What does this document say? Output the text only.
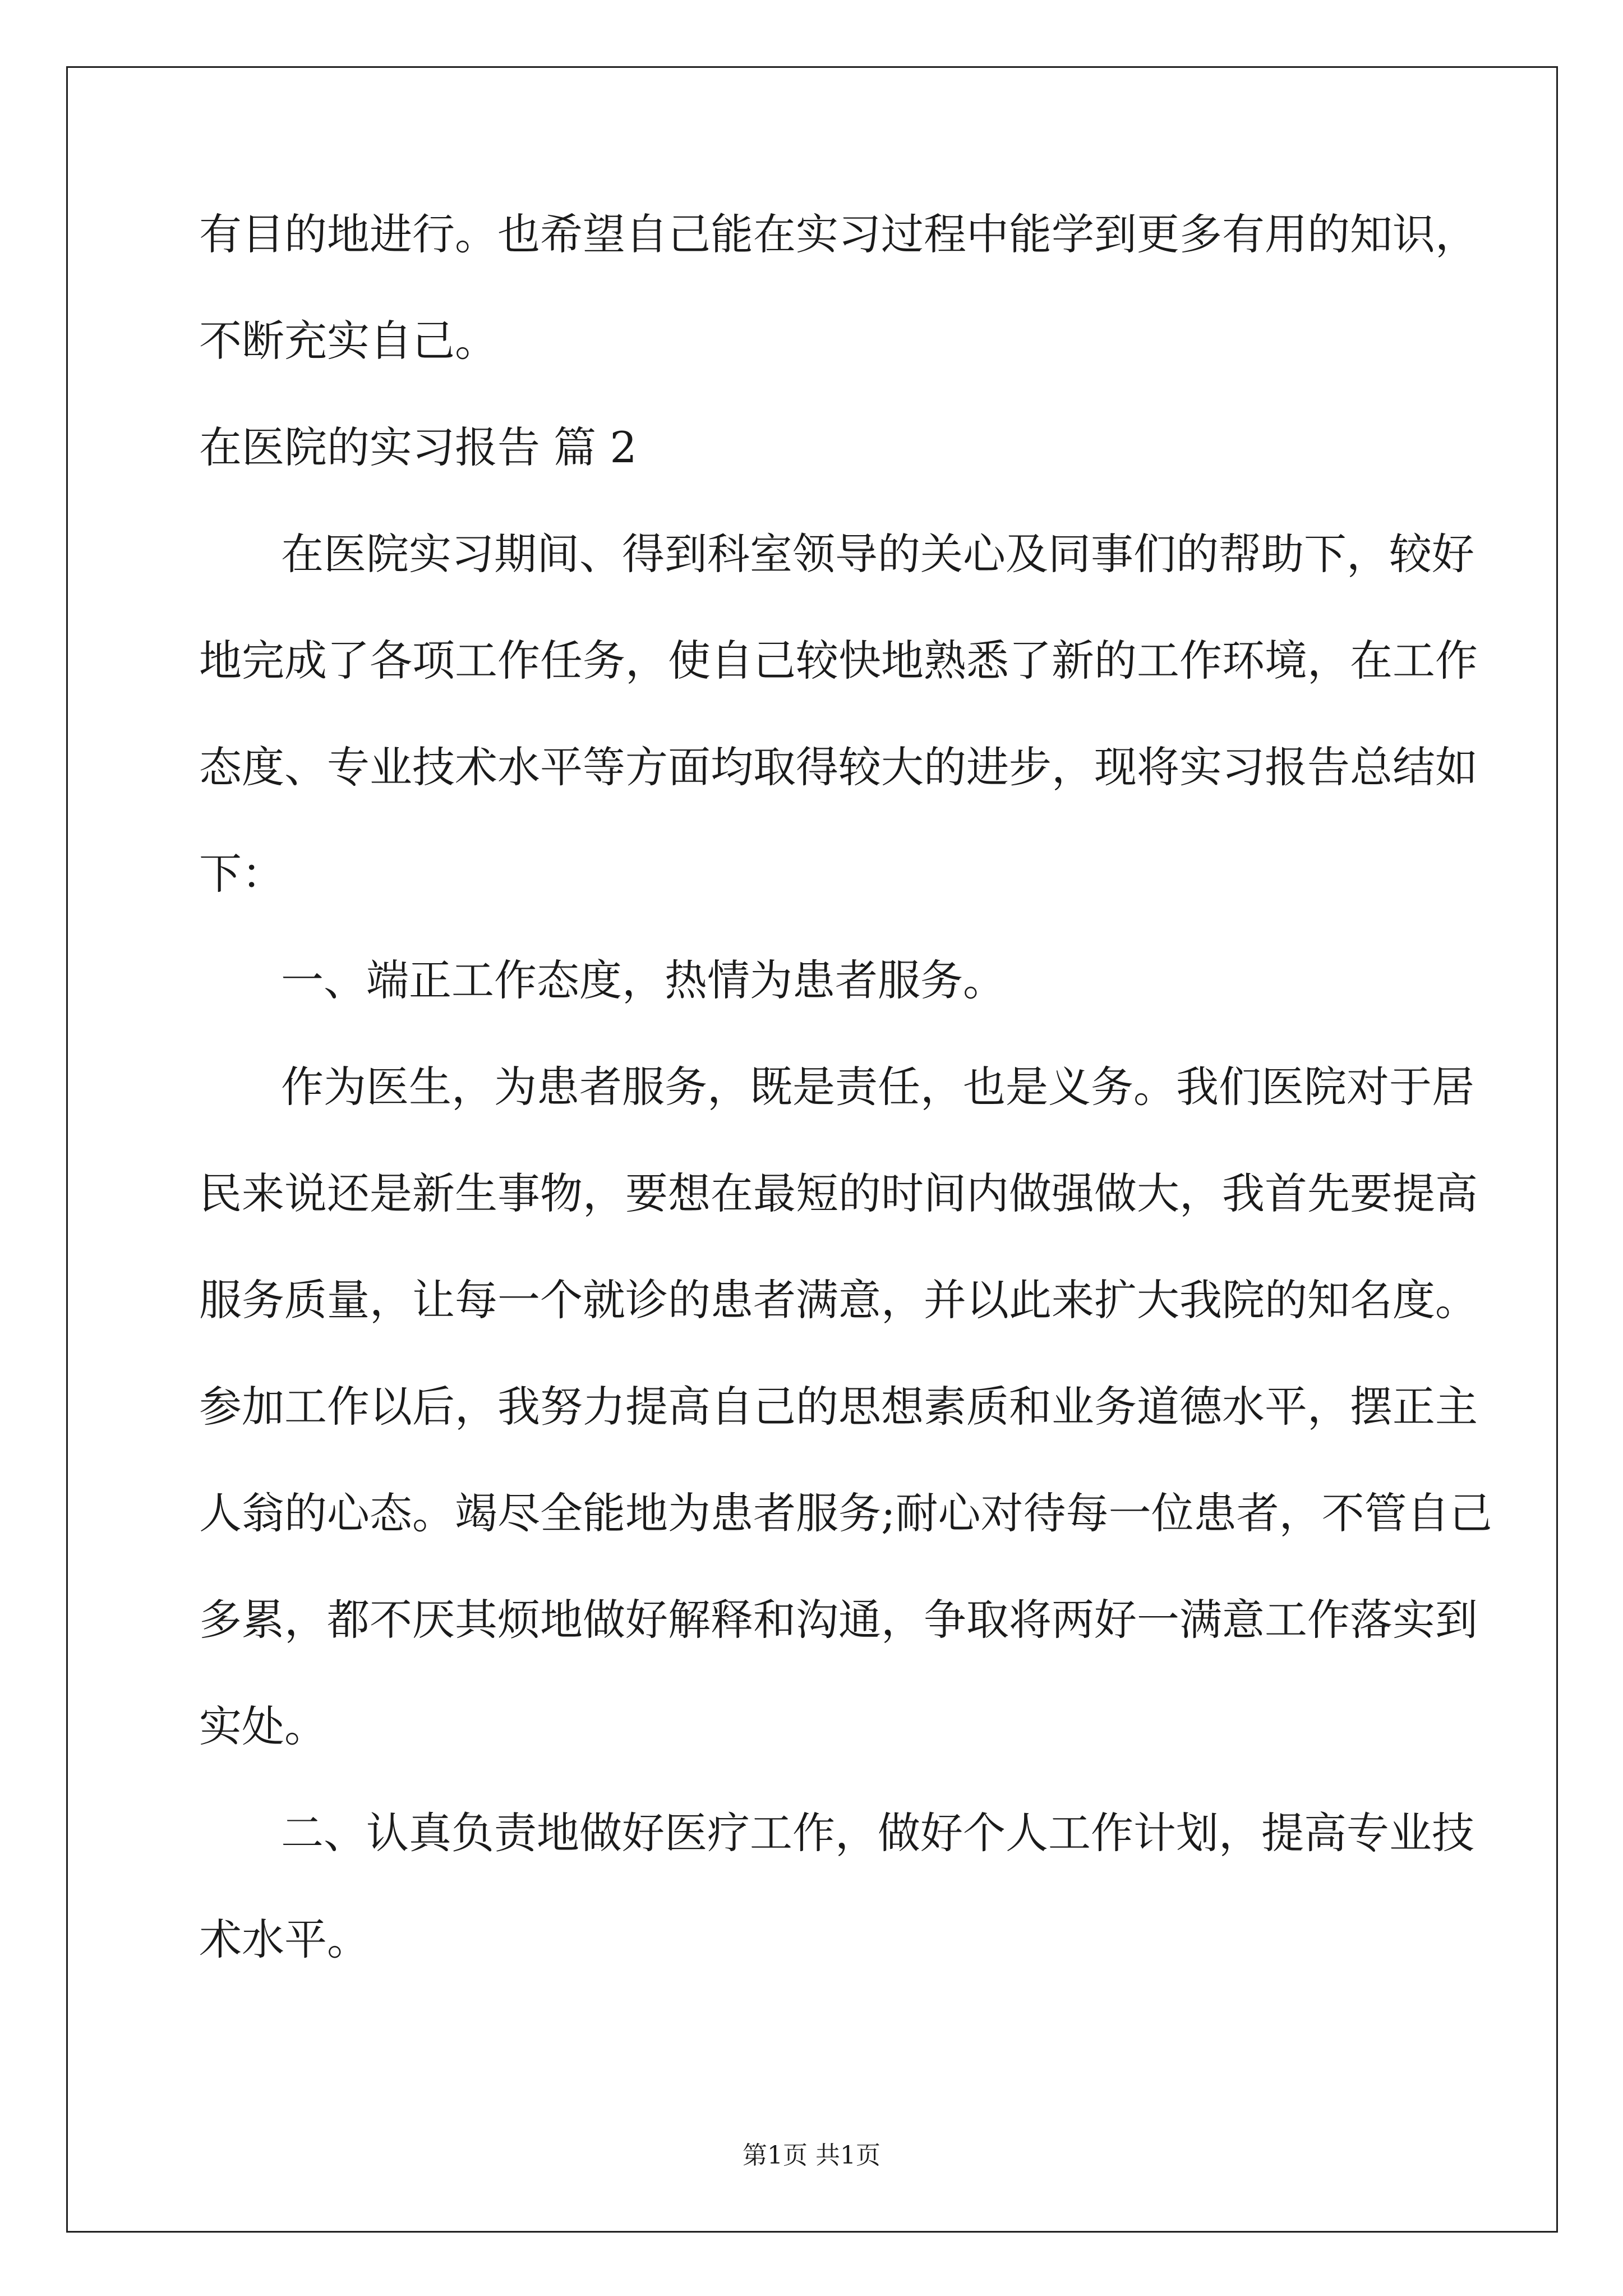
有目的地进行。也希望自己能在实习过程中能学到更多有用的知识，
不断充实自己。
在医院的实习报告 篇 2
在医院实习期间、得到科室领导的关心及同事们的帮助下，较好
地完成了各项工作任务，使自己较快地熟悉了新的工作环境，在工作
态度、专业技术水平等方面均取得较大的进步，现将实习报告总结如
下：
一、端正工作态度，热情为患者服务。
作为医生，为患者服务，既是责任，也是义务。我们医院对于居
民来说还是新生事物，要想在最短的时间内做强做大，我首先要提高
服务质量，让每一个就诊的患者满意，并以此来扩大我院的知名度。
参加工作以后，我努力提高自己的思想素质和业务道德水平，摆正主
人翁的心态。竭尽全能地为患者服务;耐心对待每一位患者，不管自己
多累，都不厌其烦地做好解释和沟通，争取将两好一满意工作落实到
实处。
二、认真负责地做好医疗工作，做好个人工作计划，提高专业技
术水平。
第1页 共1页
